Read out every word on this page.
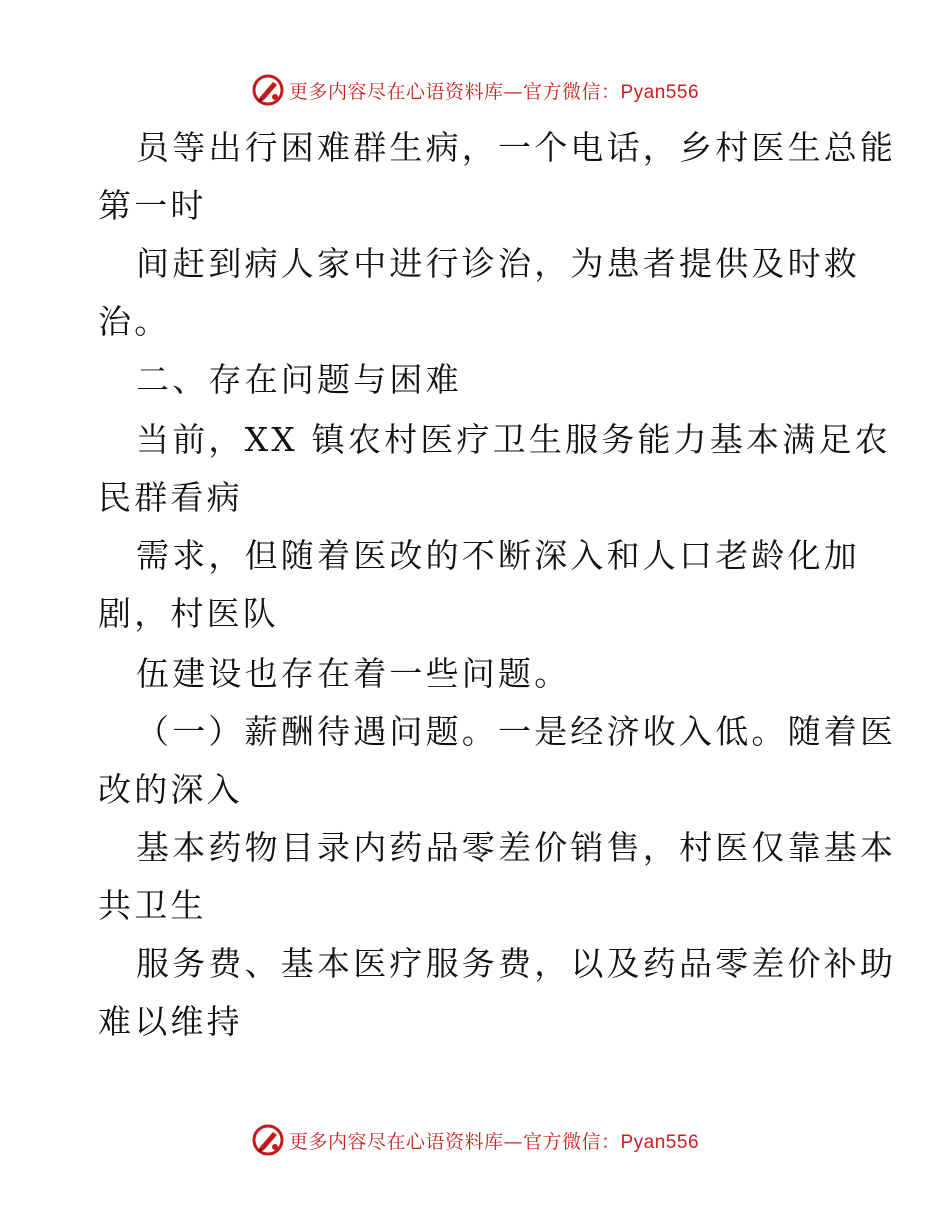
更多内容尽在心语资料库—官方微信：Pyan556
员等出行困难群生病，一个电话，乡村医生总能
第一时
间赶到病人家中进行诊治，为患者提供及时救
治。
二、存在问题与困难
当前，XX 镇农村医疗卫生服务能力基本满足农
民群看病
需求，但随着医改的不断深入和人口老龄化加
剧，村医队
伍建设也存在着一些问题。
（一）薪酬待遇问题。一是经济收入低。随着医
改的深入
基本药物目录内药品零差价销售，村医仅靠基本
共卫生
服务费、基本医疗服务费，以及药品零差价补助
难以维持
更多内容尽在心语资料库—官方微信：Pyan556
